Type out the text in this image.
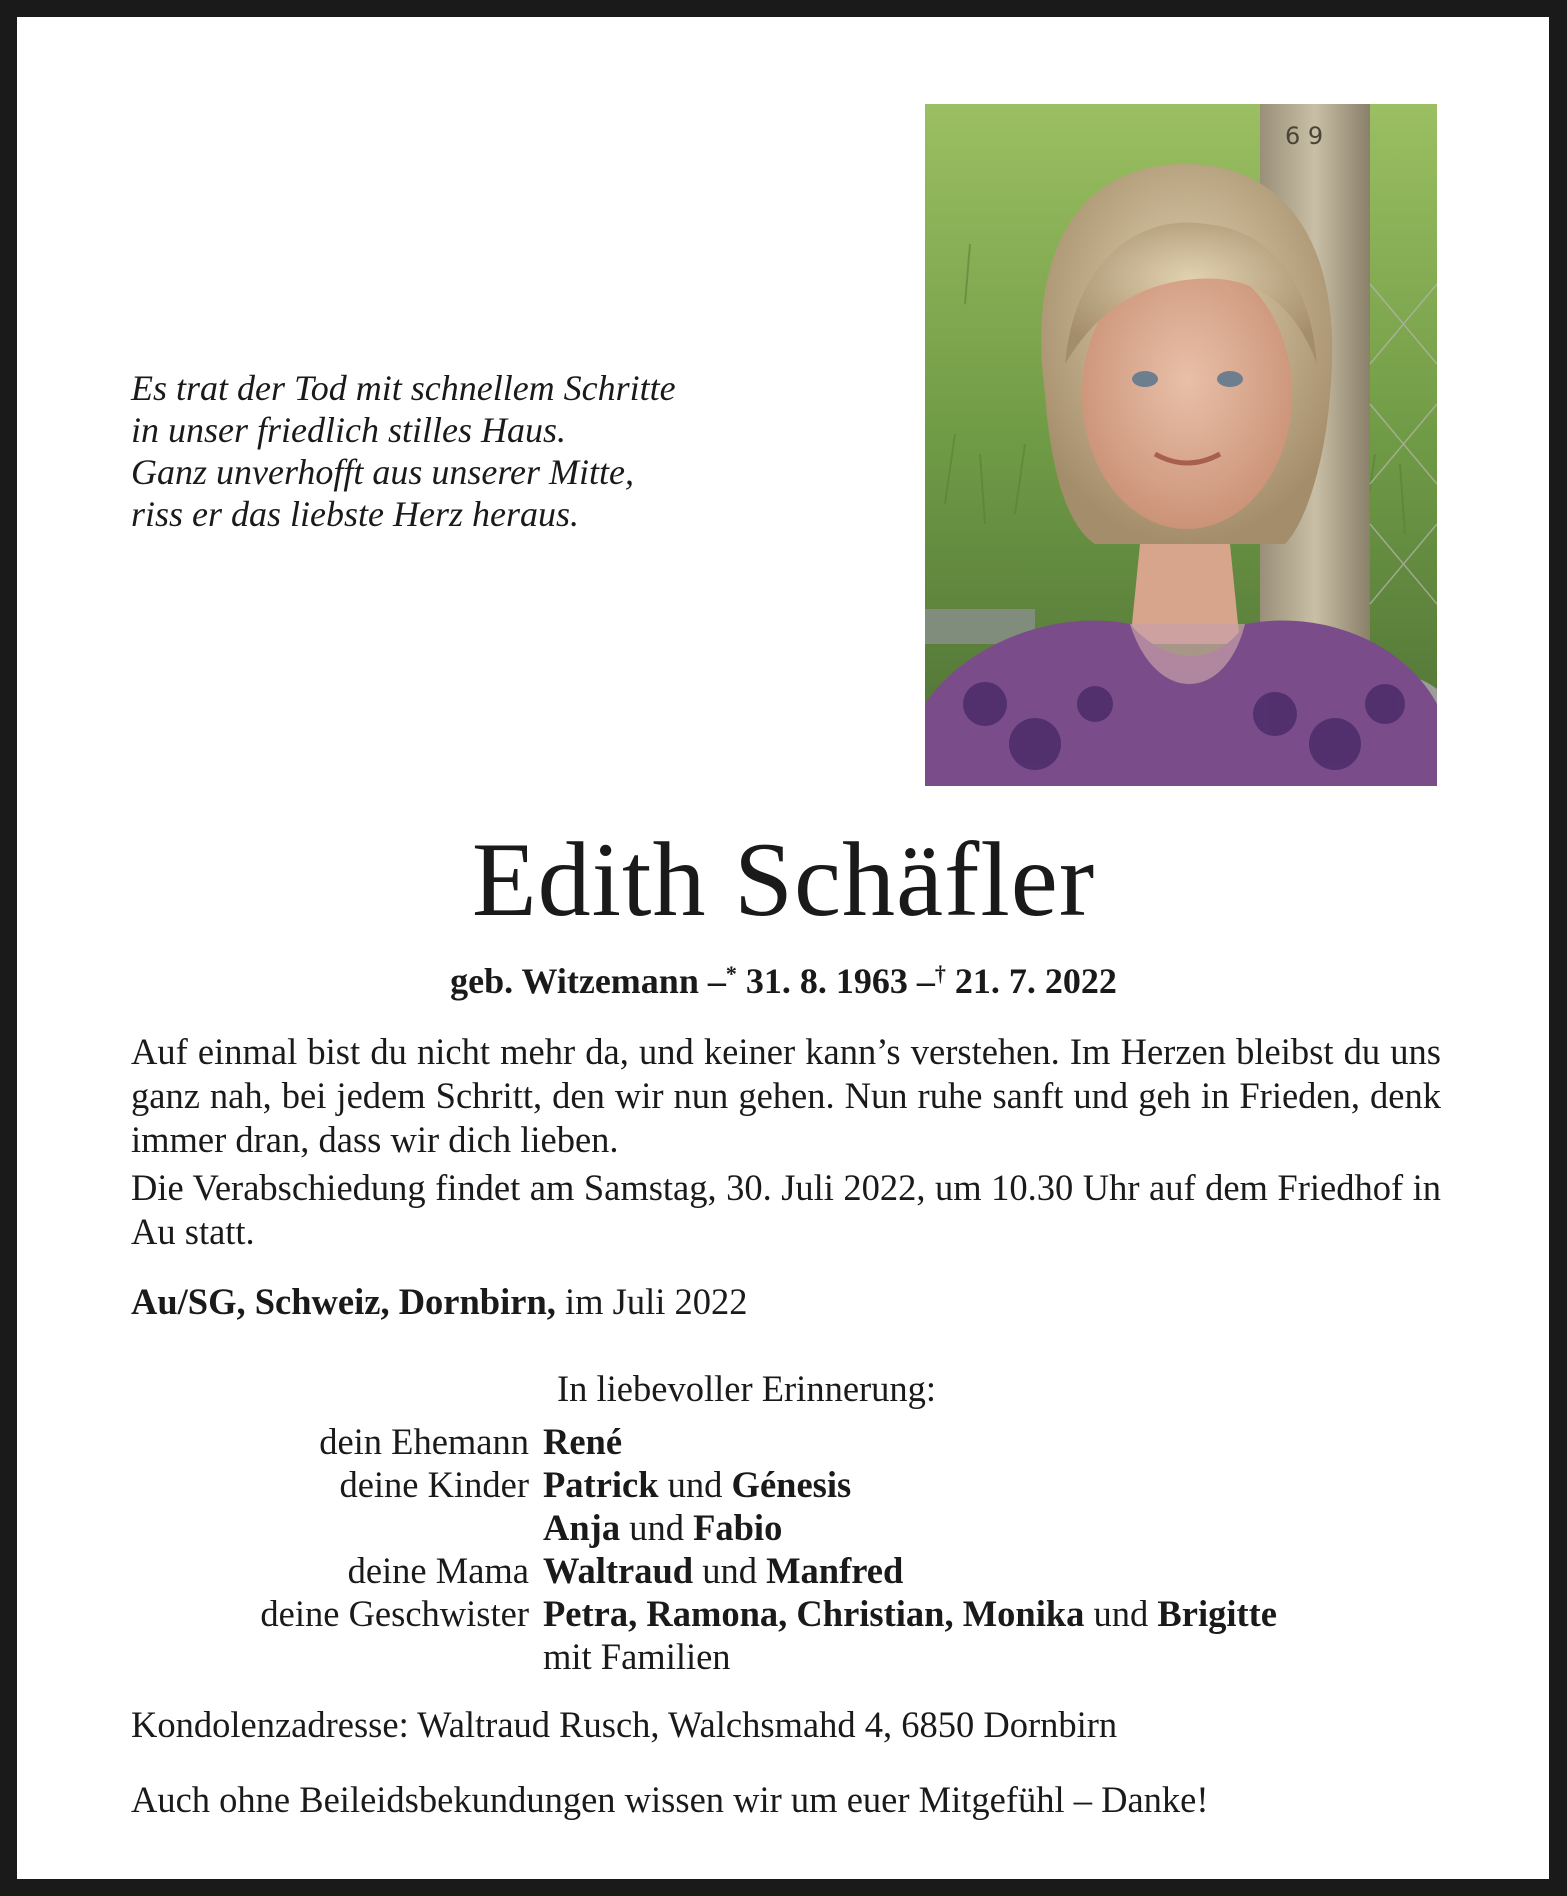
Es trat der Tod mit schnellem Schritte
in unser friedlich stilles Haus.
Ganz unverhofft aus unserer Mitte,
riss er das liebste Herz heraus.
6 9
Edith Schäfler
geb. Witzemann –* 31. 8. 1963 –† 21. 7. 2022
Auf einmal bist du nicht mehr da, und keiner kann’s verstehen. Im Herzen bleibst du uns ganz nah, bei jedem Schritt, den wir nun gehen. Nun ruhe sanft und geh in Frieden, denk immer dran, dass wir dich lieben.
Die Verabschiedung findet am Samstag, 30. Juli 2022, um 10.30 Uhr auf dem Friedhof in Au statt.
Au/SG, Schweiz, Dornbirn, im Juli 2022
In liebevoller Erinnerung:
dein Ehemann René
deine Kinder Patrick und Génesis
Anja und Fabio
deine Mama Waltraud und Manfred
deine Geschwister Petra, Ramona, Christian, Monika und Brigitte
mit Familien
Kondolenzadresse: Waltraud Rusch, Walchsmahd 4, 6850 Dornbirn
Auch ohne Beileidsbekundungen wissen wir um euer Mitgefühl – Danke!
